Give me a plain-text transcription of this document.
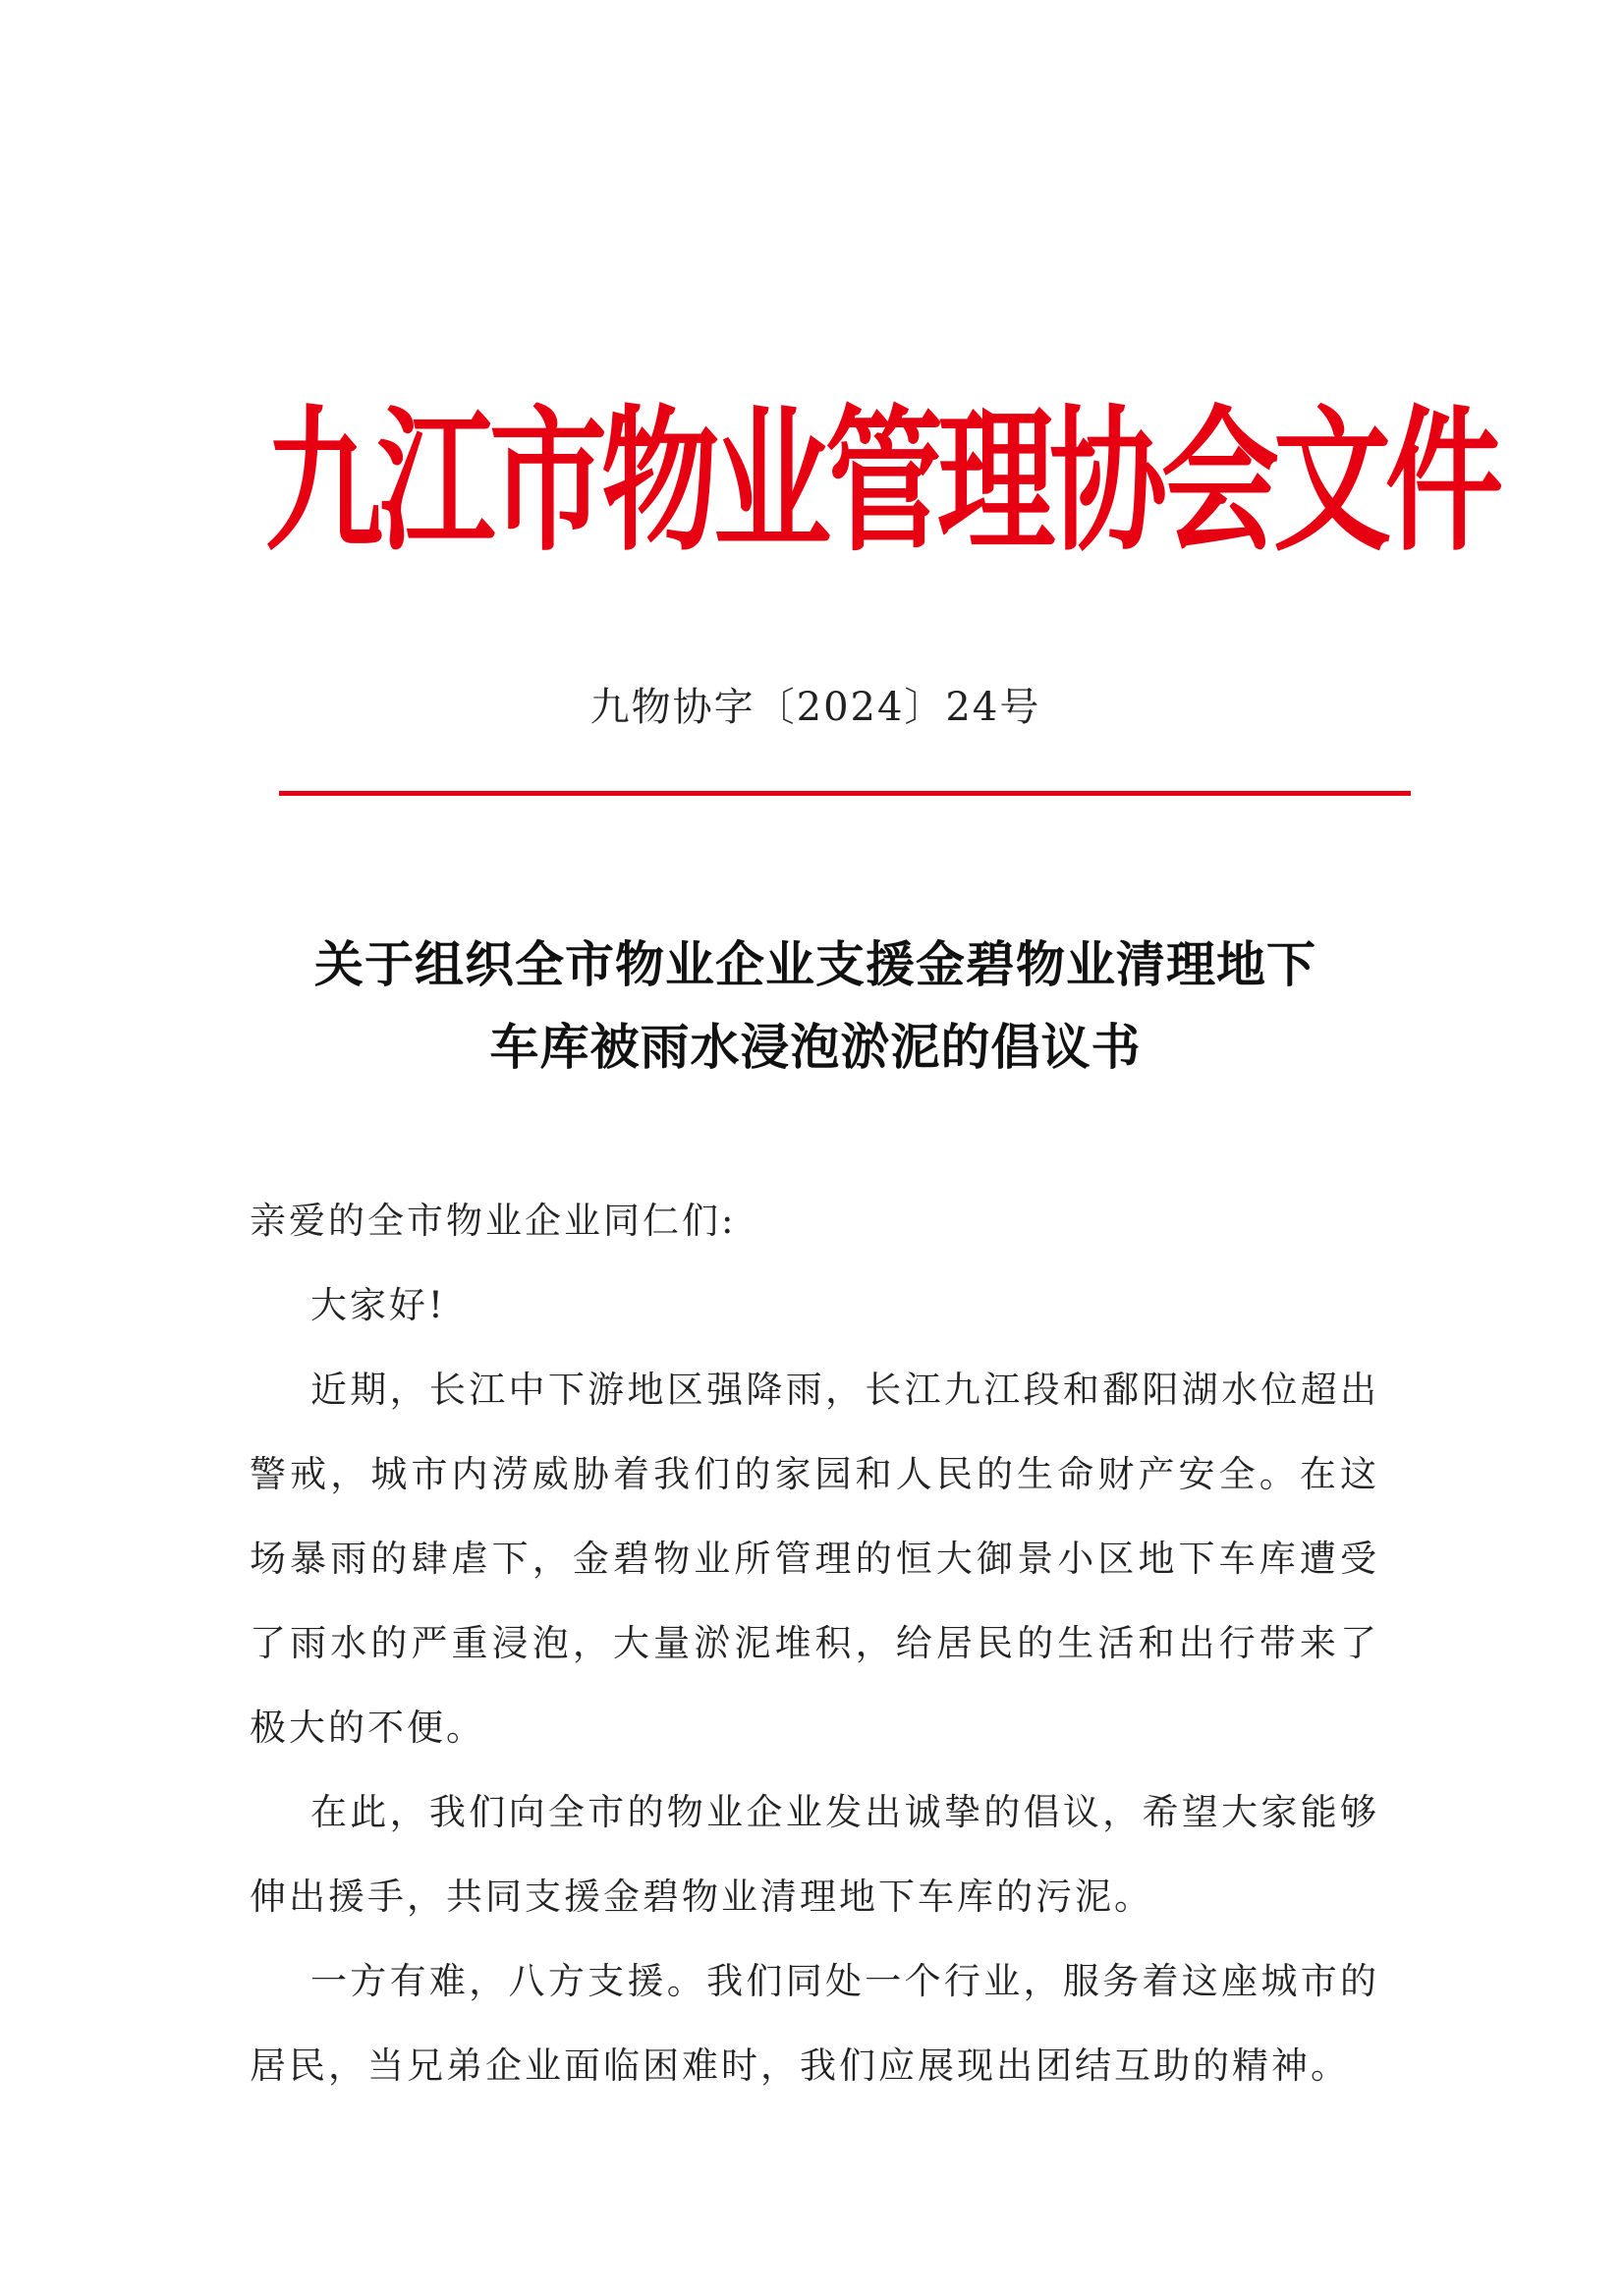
九江市物业管理协会文件
九物协字〔2024〕24号
关于组织全市物业企业支援金碧物业清理地下
车库被雨水浸泡淤泥的倡议书

亲爱的全市物业企业同仁们:

大家好!

近期，长江中下游地区强降雨，长江九江段和鄱阳湖水位超出警戒，城市内涝威胁着我们的家园和人民的生命财产安全。在这场暴雨的肆虐下，金碧物业所管理的恒大御景小区地下车库遭受了雨水的严重浸泡，大量淤泥堆积，给居民的生活和出行带来了极大的不便。

在此，我们向全市的物业企业发出诚挚的倡议，希望大家能够伸出援手，共同支援金碧物业清理地下车库的污泥。

一方有难，八方支援。我们同处一个行业，服务着这座城市的居民，当兄弟企业面临困难时，我们应展现出团结互助的精神。
